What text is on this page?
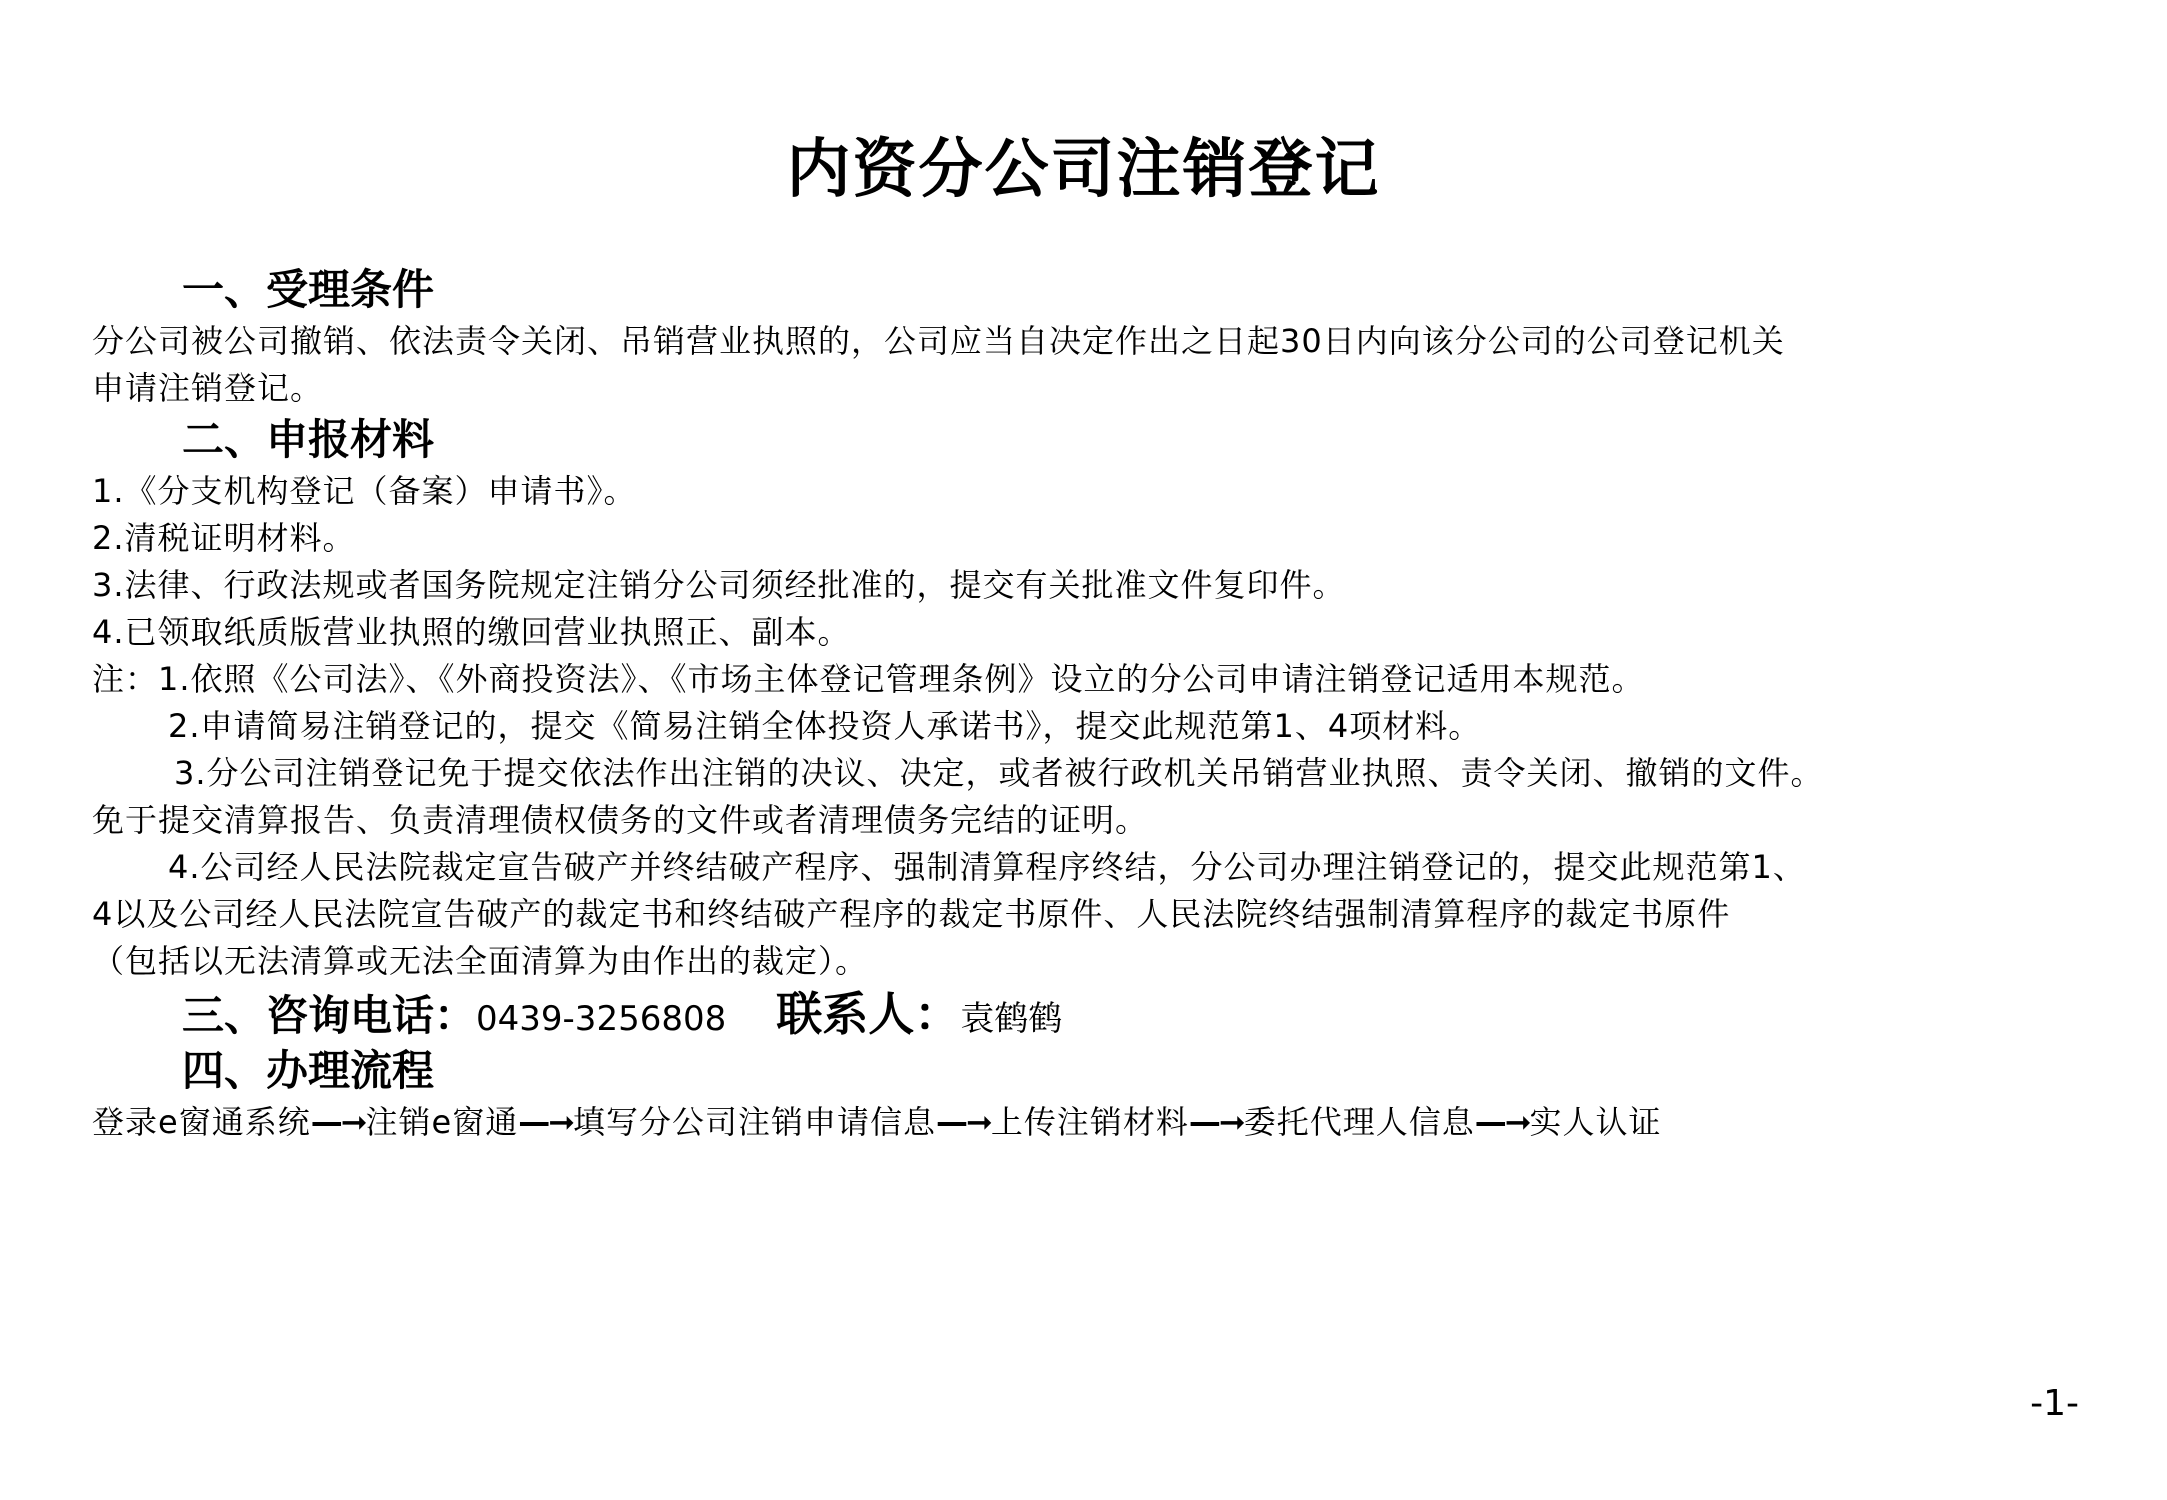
内资分公司注销登记
一、受理条件
分公司被公司撤销、依法责令关闭、吊销营业执照的，公司应当自决定作出之日起30日内向该分公司的公司登记机关
申请注销登记。
二、申报材料
1.《分支机构登记（备案）申请书》。
2.清税证明材料。
3.法律、行政法规或者国务院规定注销分公司须经批准的，提交有关批准文件复印件。
4.已领取纸质版营业执照的缴回营业执照正、副本。
注：1.依照《公司法》、《外商投资法》、《市场主体登记管理条例》设立的分公司申请注销登记适用本规范。
2.申请简易注销登记的，提交《简易注销全体投资人承诺书》，提交此规范第1、4项材料。
3.分公司注销登记免于提交依法作出注销的决议、决定，或者被行政机关吊销营业执照、责令关闭、撤销的文件。
免于提交清算报告、负责清理债权债务的文件或者清理债务完结的证明。
4.公司经人民法院裁定宣告破产并终结破产程序、强制清算程序终结，分公司办理注销登记的，提交此规范第1、
4以及公司经人民法院宣告破产的裁定书和终结破产程序的裁定书原件、人民法院终结强制清算程序的裁定书原件
（包括以无法清算或无法全面清算为由作出的裁定）。
三、咨询电话：0439-3256808 联系人：袁鹤鹤
四、办理流程
登录e窗通系统—➞注销e窗通—➞填写分公司注销申请信息—➞上传注销材料—➞委托代理人信息—➞实人认证
-1-
